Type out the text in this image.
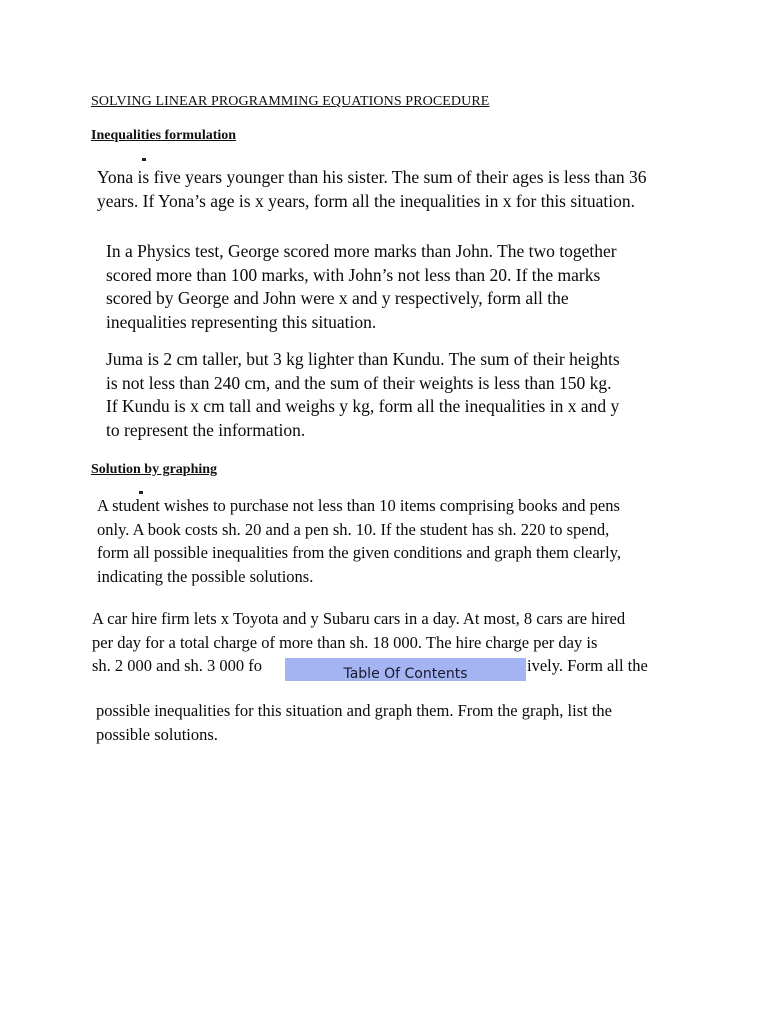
SOLVING LINEAR PROGRAMMING EQUATIONS PROCEDURE
Inequalities formulation
Yona is five years younger than his sister. The sum of their ages is less than 36
years. If Yona’s age is x years, form all the inequalities in x for this situation.
In a Physics test, George scored more marks than John. The two together
scored more than 100 marks, with John’s not less than 20. If the marks
scored by George and John were x and y respectively, form all the
inequalities representing this situation.
Juma is 2 cm taller, but 3 kg lighter than Kundu. The sum of their heights
is not less than 240 cm, and the sum of their weights is less than 150 kg.
If Kundu is x cm tall and weighs y kg, form all the inequalities in x and y
to represent the information.
Solution by graphing
A student wishes to purchase not less than 10 items comprising books and pens
only. A book costs sh. 20 and a pen sh. 10. If the student has sh. 220 to spend,
form all possible inequalities from the given conditions and graph them clearly,
indicating the possible solutions.
A car hire firm lets x Toyota and y Subaru cars in a day. At most, 8 cars are hired
per day for a total charge of more than sh. 18 000. The hire charge per day is
sh. 2 000 and sh. 3 000 fo	ively. Form all the
Table Of Contents
possible inequalities for this situation and graph them. From the graph, list the
possible solutions.
